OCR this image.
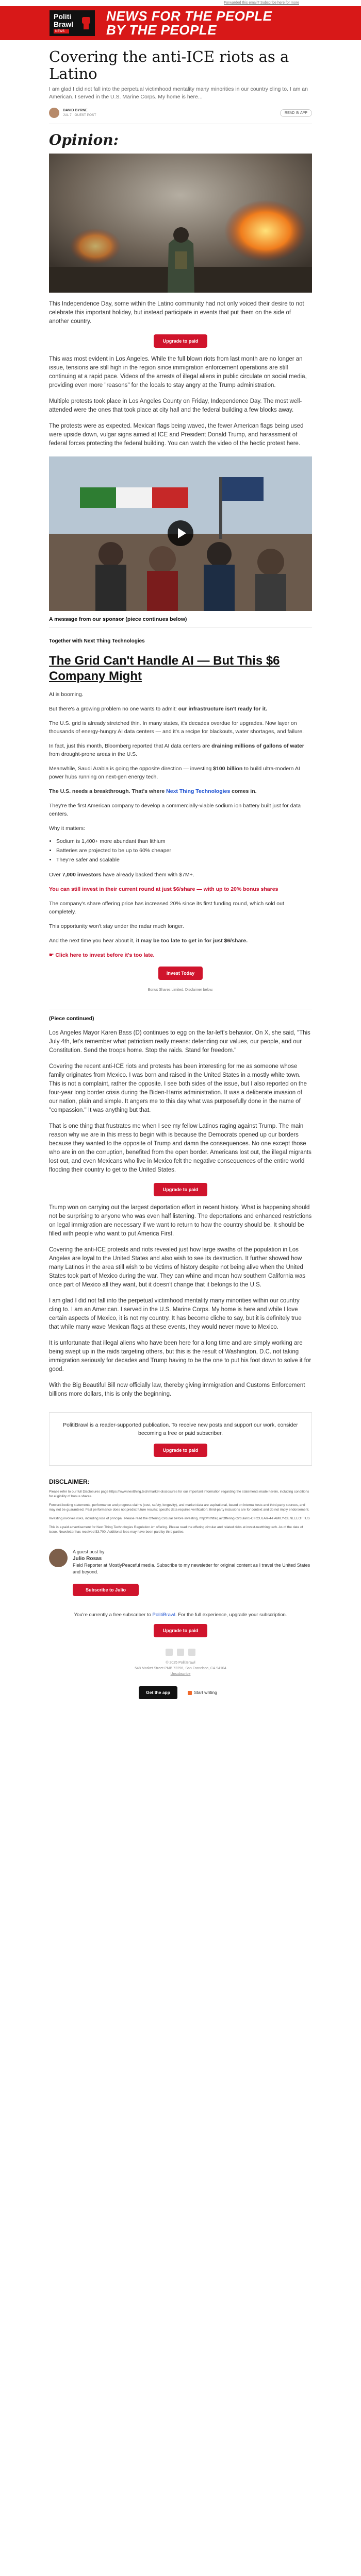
Forwarded this email? Subscribe here for more
Politi
Brawl
NEWS
NEWS FOR THE PEOPLE
BY THE PEOPLE
Covering the anti-ICE riots as a Latino

I am glad I did not fall into the perpetual victimhood mentality many minorities in our country cling to. I am an American. I served in the U.S. Marine Corps. My home is here...

DAVID BYRNE
JUL 7 · GUEST POST
READ IN APP
Opinion:

This Independence Day, some within the Latino community had not only voiced their desire to not celebrate this important holiday, but instead participate in events that put them on the side of another country.

Upgrade to paid

This was most evident in Los Angeles. While the full blown riots from last month are no longer an issue, tensions are still high in the region since immigration enforcement operations are still continuing at a rapid pace. Videos of the arrests of illegal aliens in public circulate on social media, providing even more "reasons" for the locals to stay angry at the Trump administration.

Multiple protests took place in Los Angeles County on Friday, Independence Day. The most well-attended were the ones that took place at city hall and the federal building a few blocks away.

The protests were as expected. Mexican flags being waved, the fewer American flags being used were upside down, vulgar signs aimed at ICE and President Donald Trump, and harassment of federal forces protecting the federal building. You can watch the video of the hectic protest here.

A message from our sponsor (piece continues below)

Together with Next Thing Technologies
The Grid Can't Handle AI — But This $6 Company Might

AI is booming.

But there's a growing problem no one wants to admit: our infrastructure isn't ready for it.

The U.S. grid is already stretched thin. In many states, it's decades overdue for upgrades. Now layer on thousands of energy-hungry AI data centers — and it's a recipe for blackouts, water shortages, and failure.

In fact, just this month, Bloomberg reported that AI data centers are draining millions of gallons of water from drought-prone areas in the U.S.

Meanwhile, Saudi Arabia is going the opposite direction — investing $100 billion to build ultra-modern AI power hubs running on next-gen energy tech.

The U.S. needs a breakthrough. That's where Next Thing Technologies comes in.

They're the first American company to develop a commercially-viable sodium ion battery built just for data centers.

Why it matters:

• Sodium is 1,400+ more abundant than lithium
• Batteries are projected to be up to 60% cheaper
• They're safer and scalable

Over 7,000 investors have already backed them with $7M+.

You can still invest in their current round at just $6/share — with up to 20% bonus shares

The company's share offering price has increased 20% since its first funding round, which sold out completely.

This opportunity won't stay under the radar much longer.

And the next time you hear about it, it may be too late to get in for just $6/share.

☛ Click here to invest before it's too late.

Invest Today

Bonus Shares Limited. Disclaimer below.

(Piece continued)

Los Angeles Mayor Karen Bass (D) continues to egg on the far-left's behavior. On X, she said, "This July 4th, let's remember what patriotism really means: defending our values, our people, and our Constitution. Send the troops home. Stop the raids. Stand for freedom."

Covering the recent anti-ICE riots and protests has been interesting for me as someone whose family originates from Mexico. I was born and raised in the United States in a mostly white town. This is not a complaint, rather the opposite. I see both sides of the issue, but I also reported on the four-year long border crisis during the Biden-Harris administration. It was a deliberate invasion of our nation, plain and simple. It angers me to this day what was purposefully done in the name of "compassion." It was anything but that.

That is one thing that frustrates me when I see my fellow Latinos raging against Trump. The main reason why we are in this mess to begin with is because the Democrats opened up our borders because they wanted to the opposite of Trump and damn the consequences. No one except those who are in on the corruption, benefited from the open border. Americans lost out, the illegal migrants lost out, and even Mexicans who live in Mexico felt the negative consequences of the entire world flooding their country to get to the United States.

Upgrade to paid

Trump won on carrying out the largest deportation effort in recent history. What is happening should not be surprising to anyone who was even half listening. The deportations and enhanced restrictions on legal immigration are necessary if we want to return to how the country should be. It should be filled with people who want to put America First.

Covering the anti-ICE protests and riots revealed just how large swaths of the population in Los Angeles are loyal to the United States and also wish to see its destruction. It further showed how many Latinos in the area still wish to be victims of history despite not being alive when the United States took part of Mexico during the war. They can whine and moan how southern California was once part of Mexico all they want, but it doesn't change that it belongs to the U.S.

I am glad I did not fall into the perpetual victimhood mentality many minorities within our country cling to. I am an American. I served in the U.S. Marine Corps. My home is here and while I love certain aspects of Mexico, it is not my country. It has become cliche to say, but it is definitely true that while many wave Mexican flags at these events, they would never move to Mexico.

It is unfortunate that illegal aliens who have been here for a long time and are simply working are being swept up in the raids targeting others, but this is the result of Washington, D.C. not taking immigration seriously for decades and Trump having to be the one to put his foot down to solve it for good.

With the Big Beautiful Bill now officially law, thereby giving immigration and Customs Enforcement billions more dollars, this is only the beginning.

PolitiBrawl is a reader-supported publication. To receive new posts and support our work, consider becoming a free or paid subscriber.

Upgrade to paid
DISCLAIMER:

Please refer to our full Disclosures page https://www.nextthing.tech/market-disclosures for our important information regarding the statements made herein, including conditions for eligibility of bonus shares.

Forward-looking statements, performance and progress claims (cost, safety, longevity), and market data are aspirational, based on internal tests and third-party sources, and may not be guaranteed. Past performance does not predict future results; specific data requires verification; third-party inclusions are for context and do not imply endorsement.

Investing involves risks, including loss of principal. Please read the Offering Circular before investing. http://nthtfaq.ai/Offering-Circular/1-CIRCULAR-4-FAMILY-GENLEEOTTUS

This is a paid advertisement for Next Thing Technologies Regulation A+ offering. Please read the offering circular and related risks at invest.nextthing.tech. As of the date of issue, Newsletter has received $3,700. Additional fees may have been paid by third parties.

A guest post by
Julio Rosas
Field Reporter at MostlyPeaceful media. Subscribe to my newsletter for original content as I travel the United States and beyond.
Subscribe to Julio

You're currently a free subscriber to PolitiBrawl. For the full experience, upgrade your subscription.

Upgrade to paid
© 2025 PolitiBrawl
548 Market Street PMB 72296, San Francisco, CA 94104
Unsubscribe
Get the app	Start writing
